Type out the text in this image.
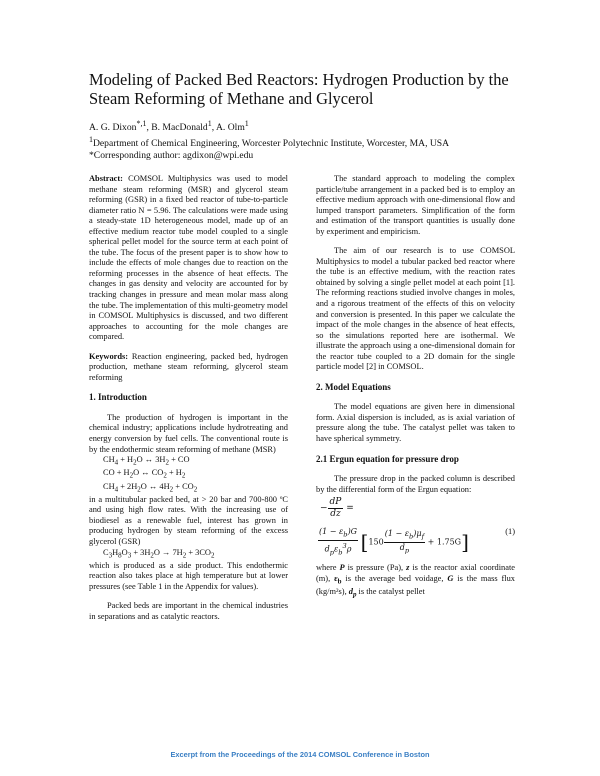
Modeling of Packed Bed Reactors: Hydrogen Production by the Steam Reforming of Methane and Glycerol
A. G. Dixon$^{*,1}$, B. MacDonald$^1$, A. Olm$^1$
$^1$Department of Chemical Engineering, Worcester Polytechnic Institute, Worcester, MA, USA
*Corresponding author: agdixon@wpi.edu

Abstract: COMSOL Multiphysics was used to model methane steam reforming (MSR) and glycerol steam reforming (GSR) in a fixed bed reactor of tube-to-particle diameter ratio N = 5.96. The calculations were made using a steady-state 1D heterogeneous model, made up of an effective medium reactor tube model coupled to a single spherical pellet model for the source term at each point of the tube. The focus of the present paper is to show how to include the effects of mole changes due to reaction on the reforming processes in the absence of heat effects. The changes in gas density and velocity are accounted for by tracking changes in pressure and mean molar mass along the tube. The implementation of this multi-geometry model in COMSOL Multiphysics is discussed, and two different approaches to accounting for the mole changes are compared.

Keywords: Reaction engineering, packed bed, hydrogen production, methane steam reforming, glycerol steam reforming

1. Introduction

The production of hydrogen is important in the chemical industry; applications include hydrotreating and energy conversion by fuel cells. The conventional route is by the endothermic steam reforming of methane (MSR)

$CH_4 + H_2O$ ↔ $3H_2$ + CO
CO + $H_2O$ ↔ $CO_2 + H_2$
$CH_4 + 2H_2O$ ↔ $4H_2 + CO_2$

in a multitubular packed bed, at > 20 bar and 700-800 ºC and using high flow rates. With the increasing use of biodiesel as a renewable fuel, interest has grown in producing hydrogen by steam reforming of the excess glycerol (GSR)

$C_3H_8O_3 + 3H_2O \to 7H_2 + 3CO_2$

which is produced as a side product. This endothermic reaction also takes place at high temperature but at lower pressures (see Table 1 in the Appendix for values).

Packed beds are important in the chemical industries in separations and as catalytic reactors.

The standard approach to modeling the complex particle/tube arrangement in a packed bed is to employ an effective medium approach with one-dimensional flow and lumped transport parameters. Simplification of the form and estimation of the transport quantities is usually done by experiment and empiricism.

The aim of our research is to use COMSOL Multiphysics to model a tubular packed bed reactor where the tube is an effective medium, with the reaction rates obtained by solving a single pellet model at each point [1]. The reforming reactions studied involve changes in moles, and a rigorous treatment of the effects of this on velocity and conversion is presented. In this paper we calculate the impact of the mole changes in the absence of heat effects, so the simulations reported here are isothermal. We illustrate the approach using a one-dimensional domain for the reactor tube coupled to a 2D domain for the single particle model [2] in COMSOL.

2. Model Equations

The model equations are given here in dimensional form. Axial dispersion is included, as is axial variation of pressure along the tube. The catalyst pellet was taken to have spherical symmetry.

2.1 Ergun equation for pressure drop

The pressure drop in the packed column is described by the differential form of the Ergun equation:

− $\frac{dP}{dz}$ =
$\frac{(1 - \varepsilon_b)G}{d_p\varepsilon_b^3\rho} [150 \frac{(1 - \varepsilon_b)\mu_f}{d_p} + 1.75G]$	(1)

where P is pressure (Pa), z is the reactor axial coordinate (m), $\varepsilon_b$ is the average bed voidage, G is the mass flux (kg/m²s), $d_p$ is the catalyst pellet

Excerpt from the Proceedings of the 2014 COMSOL Conference in Boston
